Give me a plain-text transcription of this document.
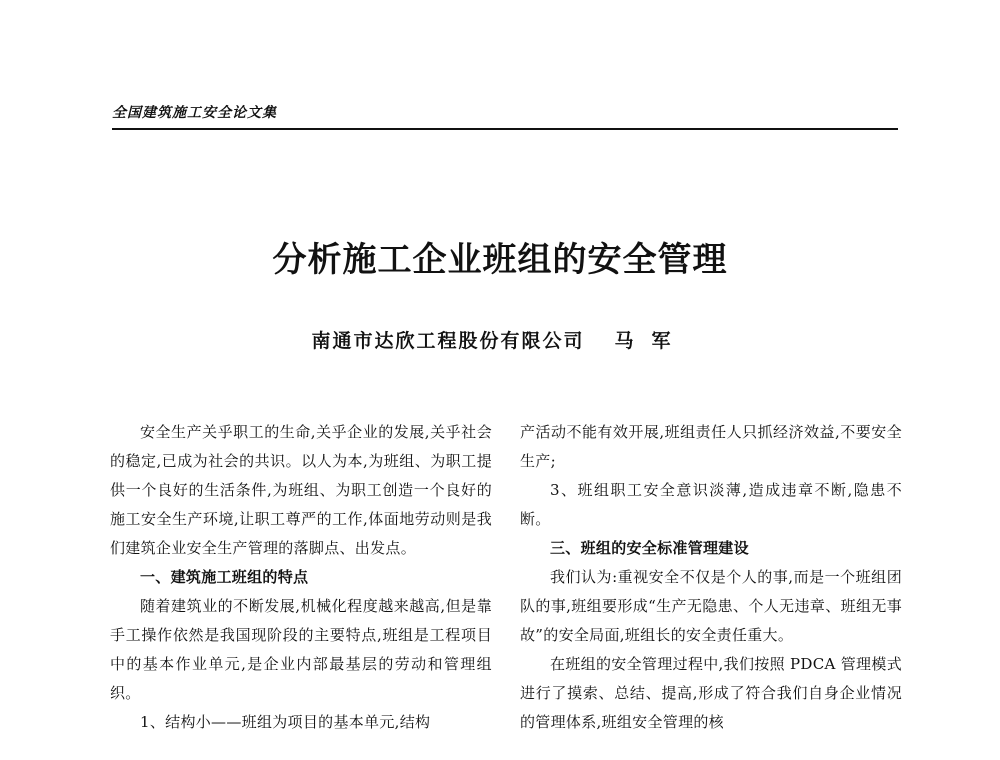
全国建筑施工安全论文集
分析施工企业班组的安全管理
南通市达欣工程股份有限公司 马军

安全生产关乎职工的生命,关乎企业的发展,关乎社会的稳定,已成为社会的共识。以人为本,为班组、为职工提供一个良好的生活条件,为班组、为职工创造一个良好的施工安全生产环境,让职工尊严的工作,体面地劳动则是我们建筑企业安全生产管理的落脚点、出发点。

一、建筑施工班组的特点

随着建筑业的不断发展,机械化程度越来越高,但是靠手工操作依然是我国现阶段的主要特点,班组是工程项目中的基本作业单元,是企业内部最基层的劳动和管理组织。

1、结构小——班组为项目的基本单元,结构

产活动不能有效开展,班组责任人只抓经济效益,不要安全生产;

3、班组职工安全意识淡薄,造成违章不断,隐患不断。

三、班组的安全标准管理建设

我们认为:重视安全不仅是个人的事,而是一个班组团队的事,班组要形成“生产无隐患、个人无违章、班组无事故”的安全局面,班组长的安全责任重大。

在班组的安全管理过程中,我们按照 PDCA 管理模式进行了摸索、总结、提高,形成了符合我们自身企业情况的管理体系,班组安全管理的核
